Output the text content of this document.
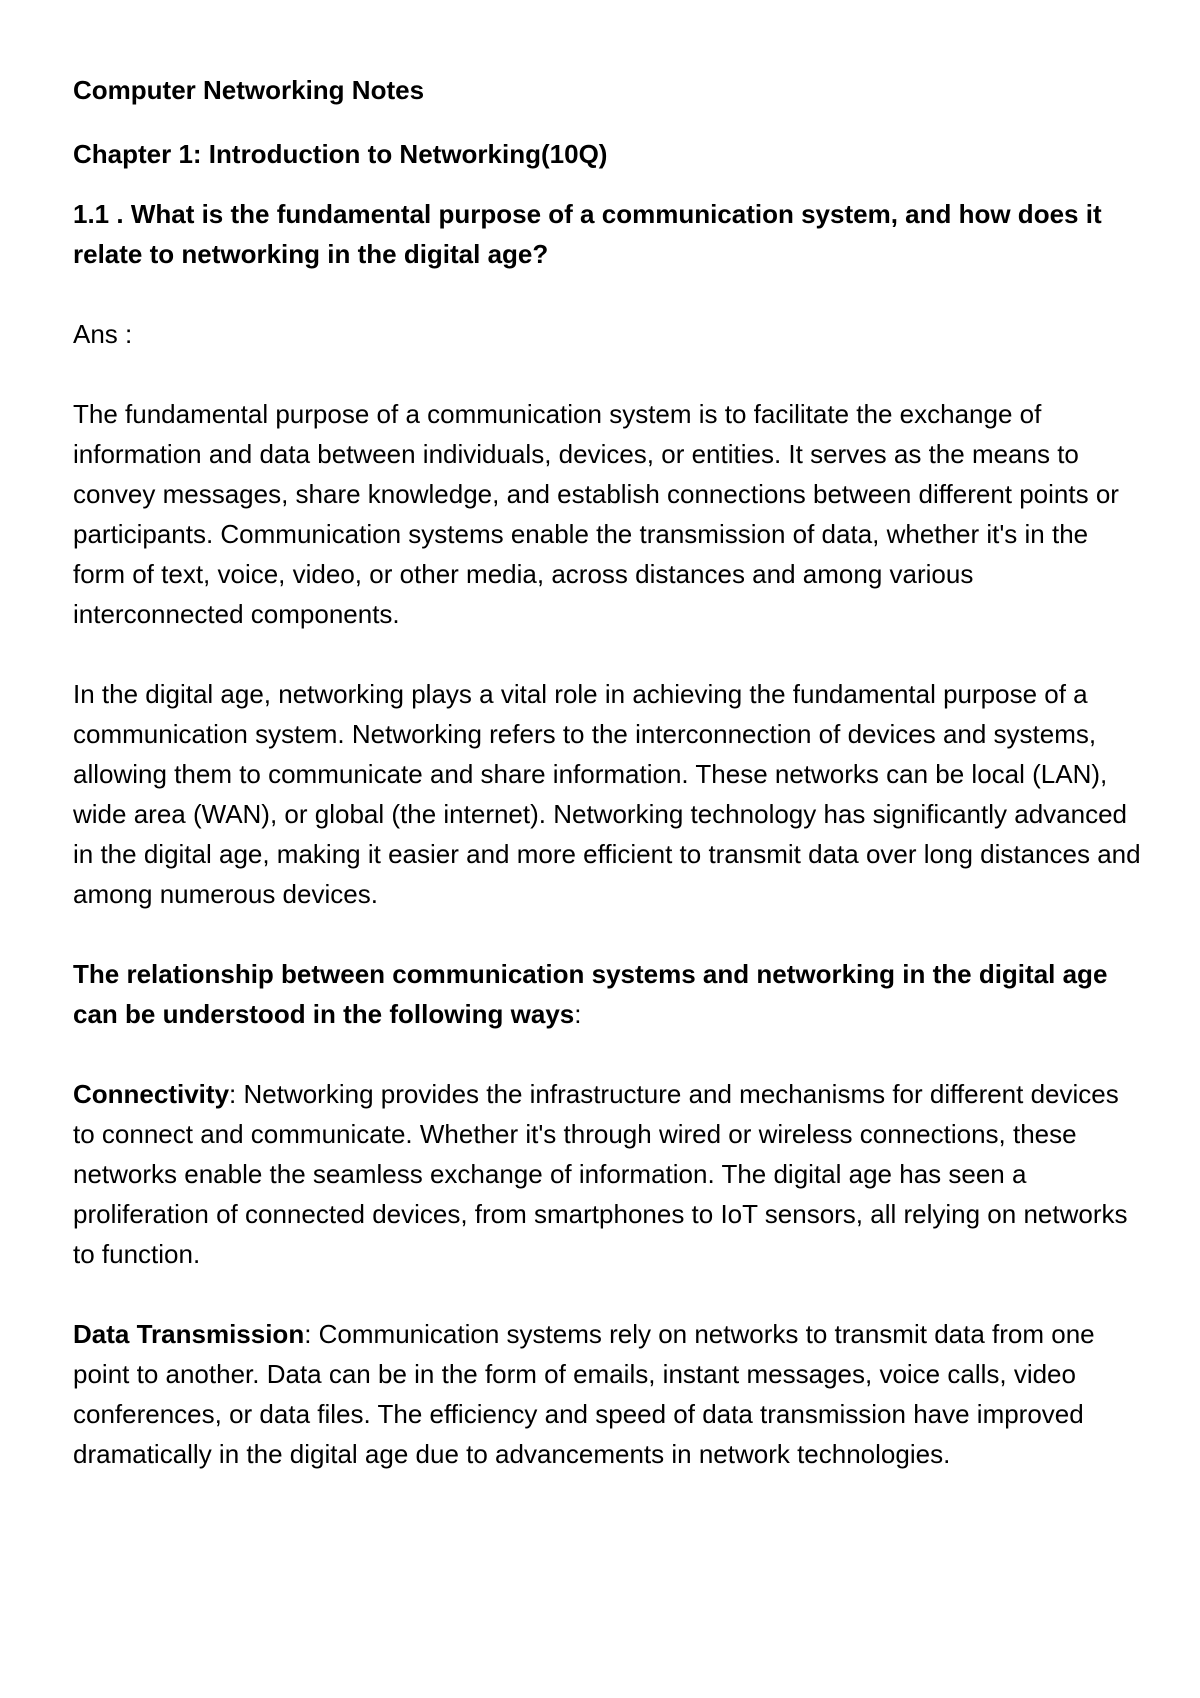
Computer Networking Notes
Chapter 1: Introduction to Networking(10Q)
1.1 . What is the fundamental purpose of a communication system, and how does it relate to networking in the digital age?
Ans :
The fundamental purpose of a communication system is to facilitate the exchange of information and data between individuals, devices, or entities. It serves as the means to convey messages, share knowledge, and establish connections between different points or participants. Communication systems enable the transmission of data, whether it's in the form of text, voice, video, or other media, across distances and among various interconnected components.
In the digital age, networking plays a vital role in achieving the fundamental purpose of a communication system. Networking refers to the interconnection of devices and systems, allowing them to communicate and share information. These networks can be local (LAN), wide area (WAN), or global (the internet). Networking technology has significantly advanced in the digital age, making it easier and more efficient to transmit data over long distances and among numerous devices.
The relationship between communication systems and networking in the digital age can be understood in the following ways:
Connectivity: Networking provides the infrastructure and mechanisms for different devices to connect and communicate. Whether it's through wired or wireless connections, these networks enable the seamless exchange of information. The digital age has seen a proliferation of connected devices, from smartphones to IoT sensors, all relying on networks to function.
Data Transmission: Communication systems rely on networks to transmit data from one point to another. Data can be in the form of emails, instant messages, voice calls, video conferences, or data files. The efficiency and speed of data transmission have improved dramatically in the digital age due to advancements in network technologies.
